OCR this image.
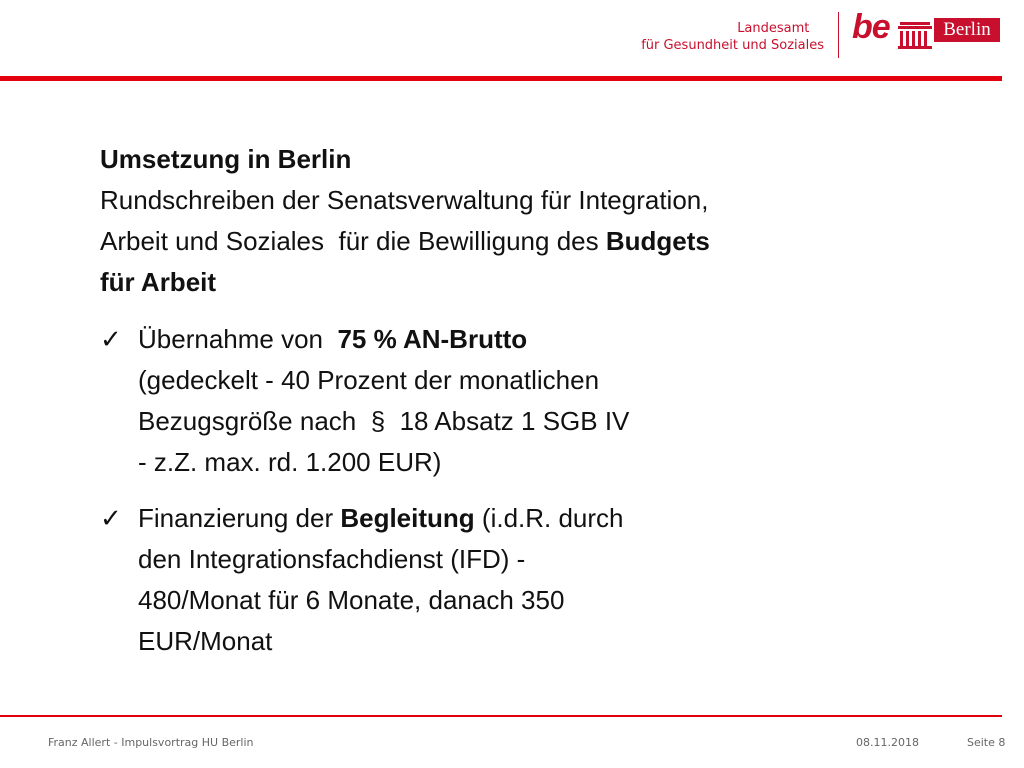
Landesamt
für Gesundheit und Soziales be	Berlin
Umsetzung in Berlin
Rundschreiben der Senatsverwaltung für Integration,
Arbeit und Soziales  für die Bewilligung des Budgets
für Arbeit
✓ Übernahme von  75 % AN-Brutto
(gedeckelt - 40 Prozent der monatlichen
Bezugsgröße nach  §  18 Absatz 1 SGB IV
- z.Z. max. rd. 1.200 EUR)
✓ Finanzierung der Begleitung (i.d.R. durch
den Integrationsfachdienst (IFD) -
480/Monat für 6 Monate, danach 350
EUR/Monat
Franz Allert - Impulsvortrag HU Berlin	08.11.2018	Seite 8
